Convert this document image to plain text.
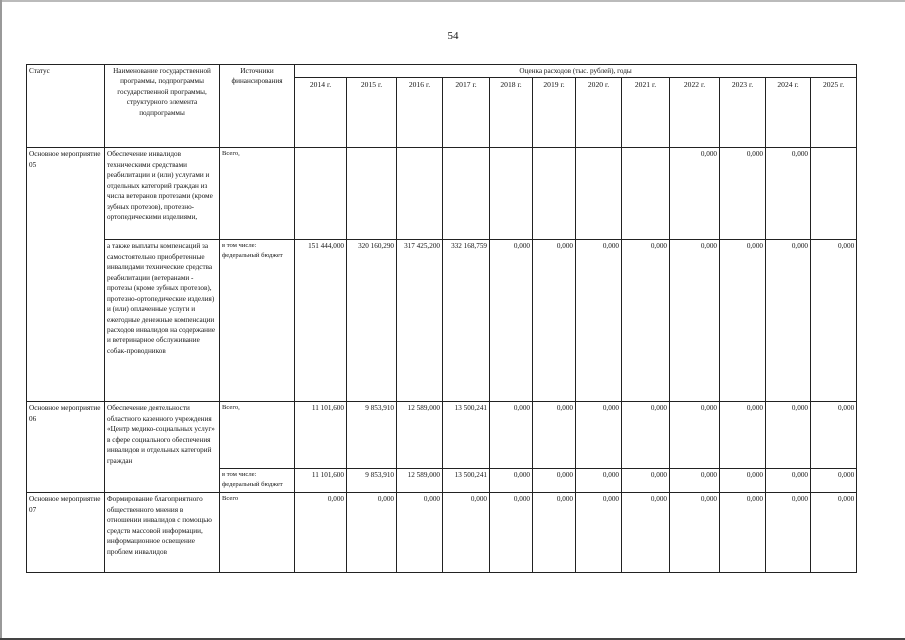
54
Статус	Наименование государственной программы, подпрограммы государственной программы, структурного элемента подпрограммы	Источники финансирования	Оценка расходов (тыс. рублей), годы											
			2014 г.	2015 г.	2016 г.	2017 г.	2018 г.	2019 г.	2020 г.	2021 г.	2022 г.	2023 г.	2024 г.	2025 г.
Основное мероприятие 05	Обеспечение инвалидов техническими средствами реабилитации и (или) услугами и отдельных категорий граждан из числа ветеранов протезами (кроме зубных протезов), протезно-ортопедическими изделиями,	Всего,									0,000	0,000	0,000	
	а также выплаты компенсаций за самостоятельно приобретенные инвалидами технические средства реабилитации (ветеранами - протезы (кроме зубных протезов), протезно-ортопедические изделия) и (или) оплаченные услуги и ежегодные денежные компенсации расходов инвалидов на содержание и ветеринарное обслуживание собак-проводников	в том числе: федеральный бюджет	151 444,000	320 160,290	317 425,200	332 168,759	0,000	0,000	0,000	0,000	0,000	0,000	0,000	0,000
Основное мероприятие 06	Обеспечение деятельности областного казенного учреждения «Центр медико-социальных услуг» в сфере социального обеспечения инвалидов и отдельных категорий граждан	Всего,	11 101,600	9 853,910	12 589,000	13 500,241	0,000	0,000	0,000	0,000	0,000	0,000	0,000	0,000
		в том числе: федеральный бюджет	11 101,600	9 853,910	12 589,000	13 500,241	0,000	0,000	0,000	0,000	0,000	0,000	0,000	0,000
Основное мероприятие 07	Формирование благоприятного общественного мнения в отношении инвалидов с помощью средств массовой информации, информационное освещение проблем инвалидов	Всего	0,000	0,000	0,000	0,000	0,000	0,000	0,000	0,000	0,000	0,000	0,000	0,000
